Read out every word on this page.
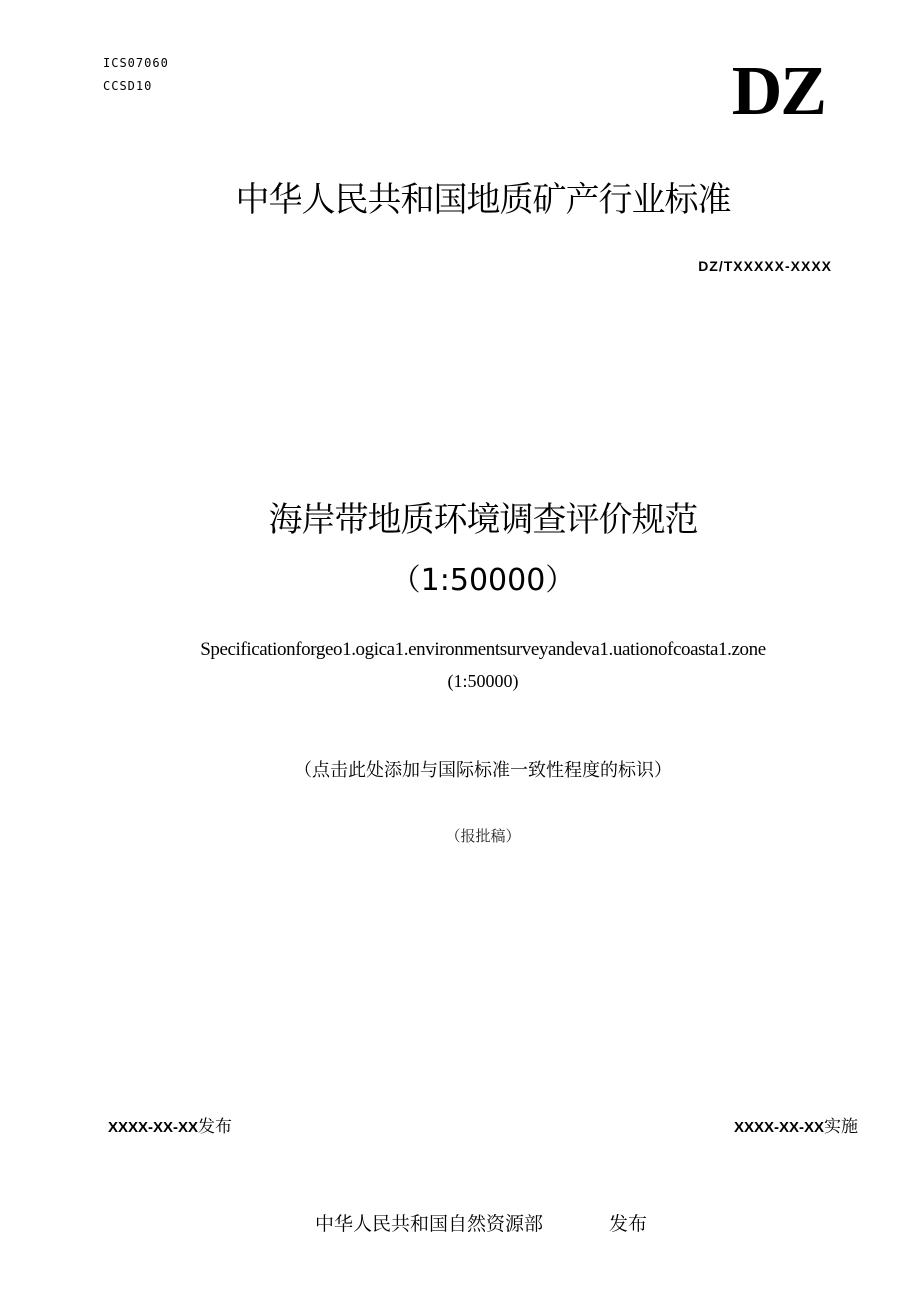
ICS07060
CCSD10	DZ
中华人民共和国地质矿产行业标准
DZ/TXXXXX-XXXX
海岸带地质环境调查评价规范
（1:50000）
Specificationforgeo1.ogica1.environmentsurveyandeva1.uationofcoasta1.zone
(1:50000)
（点击此处添加与国际标准一致性程度的标识）
（报批稿）
XXXX-XX-XX发布	XXXX-XX-XX实施
中华人民共和国自然资源部	发布
